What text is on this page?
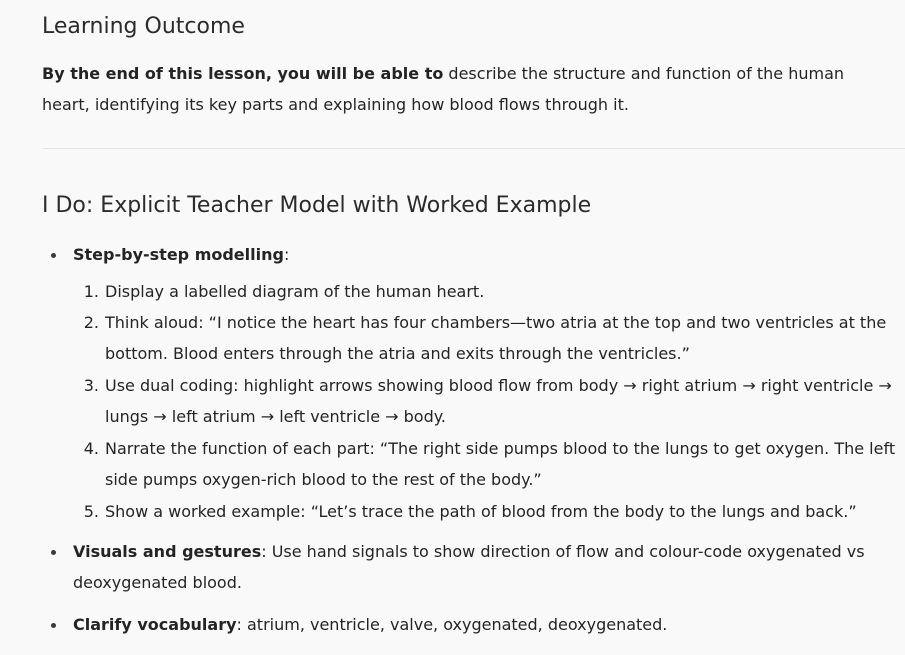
Learning Outcome

By the end of this lesson, you will be able to describe the structure and function of the human heart, identifying its key parts and explaining how blood flows through it.

I Do: Explicit Teacher Model with Worked Example
Step-by-step modelling:
1. Display a labelled diagram of the human heart.
2. Think aloud: “I notice the heart has four chambers—two atria at the top and two ventricles at the
bottom. Blood enters through the atria and exits through the ventricles.”
3. Use dual coding: highlight arrows showing blood flow from body → right atrium → right ventricle →
lungs → left atrium → left ventricle → body.
4. Narrate the function of each part: “The right side pumps blood to the lungs to get oxygen. The left
side pumps oxygen-rich blood to the rest of the body.”
5. Show a worked example: “Let’s trace the path of blood from the body to the lungs and back.”
Visuals and gestures: Use hand signals to show direction of flow and colour-code oxygenated vs
deoxygenated blood.
Clarify vocabulary: atrium, ventricle, valve, oxygenated, deoxygenated.
